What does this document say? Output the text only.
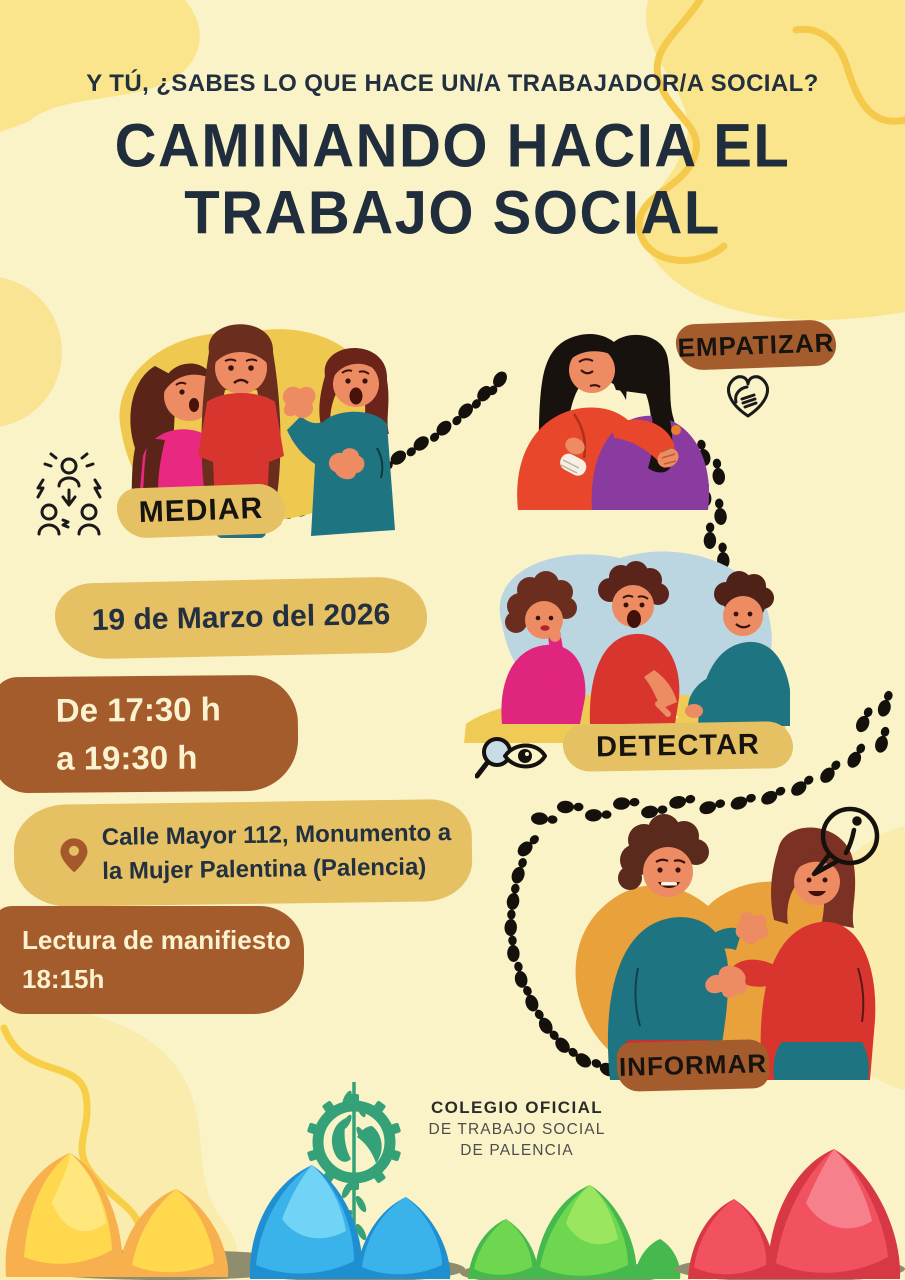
Y TÚ, ¿SABES LO QUE HACE UN/A TRABAJADOR/A SOCIAL?
CAMINANDO HACIA EL
TRABAJO SOCIAL
MEDIAR
EMPATIZAR
DETECTAR
INFORMAR
19 de Marzo del 2026
De 17:30 h
a 19:30 h
Calle Mayor 112, Monumento a
la Mujer Palentina (Palencia)
Lectura de manifiesto
18:15h
COLEGIO OFICIAL
DE TRABAJO SOCIAL
DE PALENCIA
